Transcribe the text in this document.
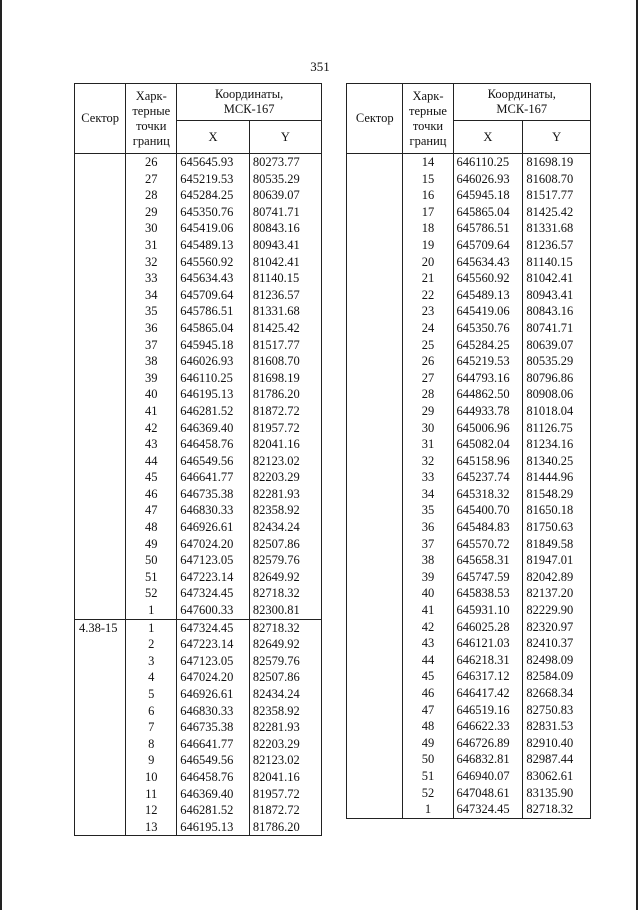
351
Сектор	Харк-
терные
точки
границ	Координаты,
МСК-167	
		X	Y
	26	645645.93	80273.77
	27	645219.53	80535.29
	28	645284.25	80639.07
	29	645350.76	80741.71
	30	645419.06	80843.16
	31	645489.13	80943.41
	32	645560.92	81042.41
	33	645634.43	81140.15
	34	645709.64	81236.57
	35	645786.51	81331.68
	36	645865.04	81425.42
	37	645945.18	81517.77
	38	646026.93	81608.70
	39	646110.25	81698.19
	40	646195.13	81786.20
	41	646281.52	81872.72
	42	646369.40	81957.72
	43	646458.76	82041.16
	44	646549.56	82123.02
	45	646641.77	82203.29
	46	646735.38	82281.93
	47	646830.33	82358.92
	48	646926.61	82434.24
	49	647024.20	82507.86
	50	647123.05	82579.76
	51	647223.14	82649.92
	52	647324.45	82718.32
	1	647600.33	82300.81
4.38-15	1	647324.45	82718.32
	2	647223.14	82649.92
	3	647123.05	82579.76
	4	647024.20	82507.86
	5	646926.61	82434.24
	6	646830.33	82358.92
	7	646735.38	82281.93
	8	646641.77	82203.29
	9	646549.56	82123.02
	10	646458.76	82041.16
	11	646369.40	81957.72
	12	646281.52	81872.72
	13	646195.13	81786.20
Сектор	Харк-
терные
точки
границ	Координаты,
МСК-167	
		X	Y
	14	646110.25	81698.19
	15	646026.93	81608.70
	16	645945.18	81517.77
	17	645865.04	81425.42
	18	645786.51	81331.68
	19	645709.64	81236.57
	20	645634.43	81140.15
	21	645560.92	81042.41
	22	645489.13	80943.41
	23	645419.06	80843.16
	24	645350.76	80741.71
	25	645284.25	80639.07
	26	645219.53	80535.29
	27	644793.16	80796.86
	28	644862.50	80908.06
	29	644933.78	81018.04
	30	645006.96	81126.75
	31	645082.04	81234.16
	32	645158.96	81340.25
	33	645237.74	81444.96
	34	645318.32	81548.29
	35	645400.70	81650.18
	36	645484.83	81750.63
	37	645570.72	81849.58
	38	645658.31	81947.01
	39	645747.59	82042.89
	40	645838.53	82137.20
	41	645931.10	82229.90
	42	646025.28	82320.97
	43	646121.03	82410.37
	44	646218.31	82498.09
	45	646317.12	82584.09
	46	646417.42	82668.34
	47	646519.16	82750.83
	48	646622.33	82831.53
	49	646726.89	82910.40
	50	646832.81	82987.44
	51	646940.07	83062.61
	52	647048.61	83135.90
	1	647324.45	82718.32
